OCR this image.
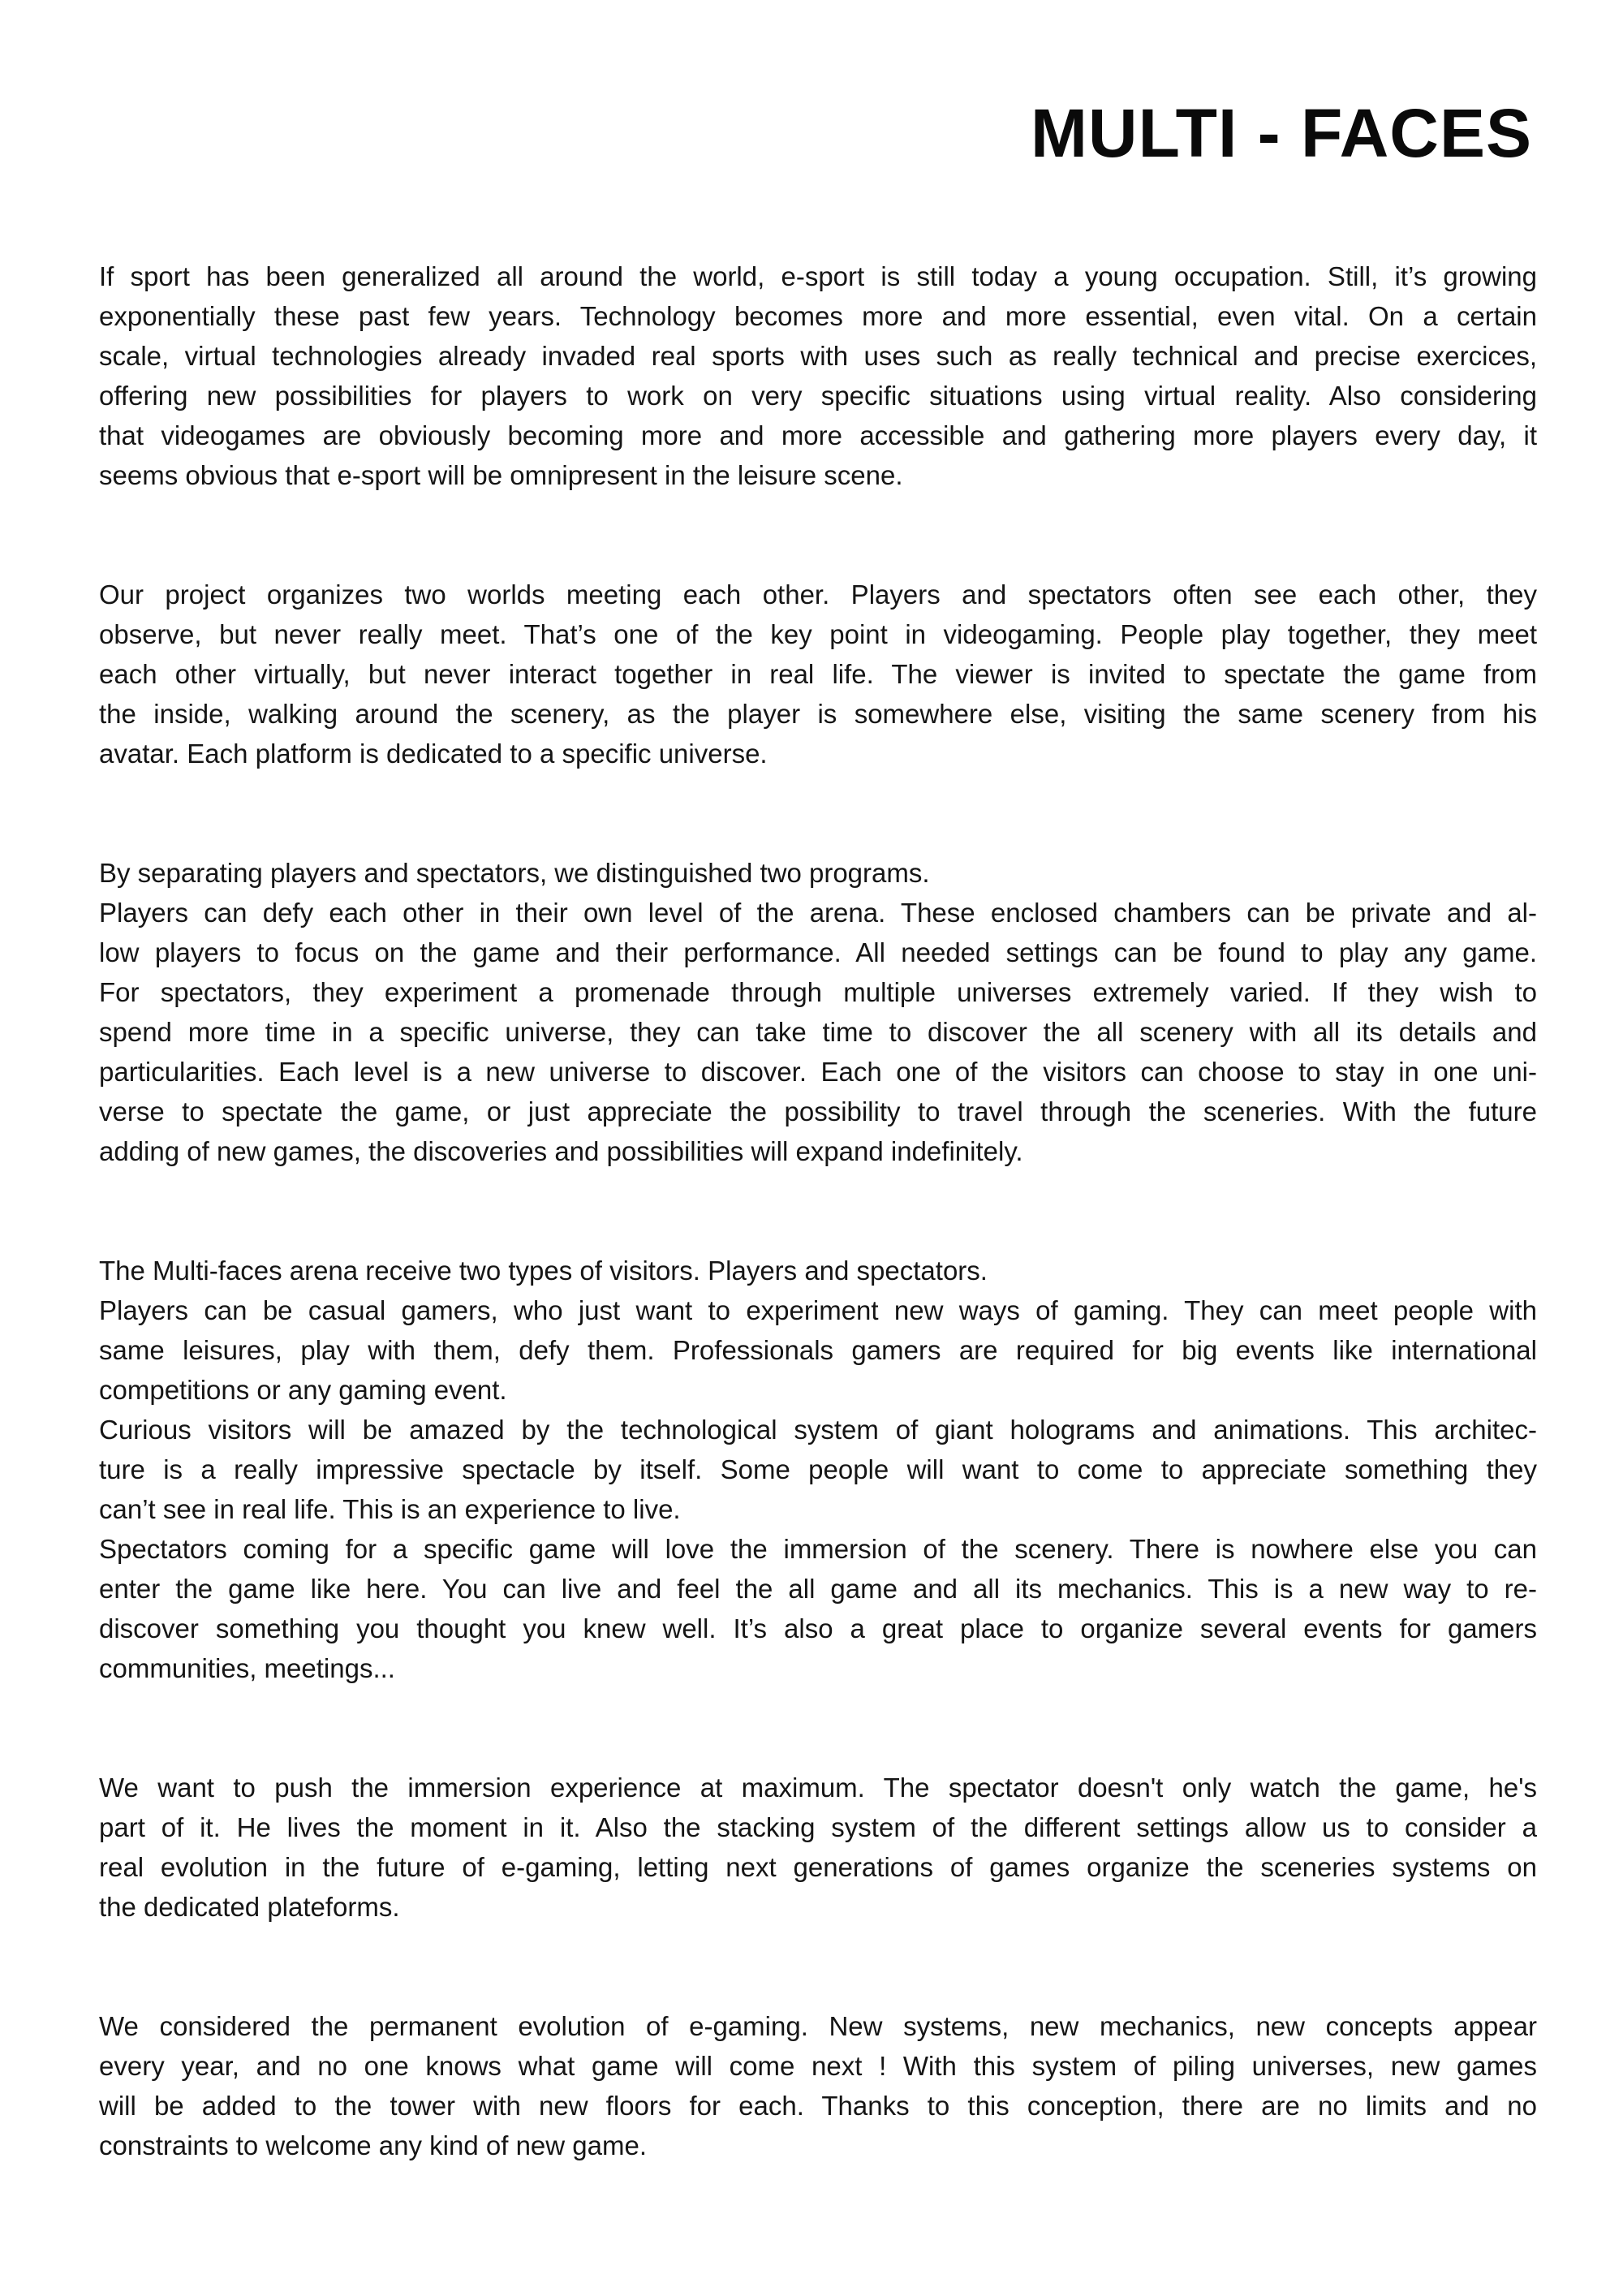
MULTI - FACES
If sport has been generalized all around the world, e-sport is still today a young occupation. Still, it’s growing
exponentially these past few years. Technology becomes more and more essential, even vital. On a certain
scale, virtual technologies already invaded real sports with uses such as really technical and precise exercices,
offering new possibilities for players to work on very specific situations using virtual reality. Also considering
that videogames are obviously becoming more and more accessible and gathering more players every day, it
seems obvious that e-sport will be omnipresent in the leisure scene.
Our project organizes two worlds meeting each other. Players and spectators often see each other, they
observe, but never really meet. That’s one of the key point in videogaming. People play together, they meet
each other virtually, but never interact together in real life. The viewer is invited to spectate the game from
the inside, walking around the scenery, as the player is somewhere else, visiting the same scenery from his
avatar. Each platform is dedicated to a specific universe.
By separating players and spectators, we distinguished two programs.
Players can defy each other in their own level of the arena. These enclosed chambers can be private and al-
low players to focus on the game and their performance. All needed settings can be found to play any game.
For spectators, they experiment a promenade through multiple universes extremely varied. If they wish to
spend more time in a specific universe, they can take time to discover the all scenery with all its details and
particularities. Each level is a new universe to discover. Each one of the visitors can choose to stay in one uni-
verse to spectate the game, or just appreciate the possibility to travel through the sceneries. With the future
adding of new games, the discoveries and possibilities will expand indefinitely.
The Multi-faces arena receive two types of visitors. Players and spectators.
Players can be casual gamers, who just want to experiment new ways of gaming. They can meet people with
same leisures, play with them, defy them. Professionals gamers are required for big events like international
competitions or any gaming event.
Curious visitors will be amazed by the technological system of giant holograms and animations. This architec-
ture is a really impressive spectacle by itself. Some people will want to come to appreciate something they
can’t see in real life. This is an experience to live.
Spectators coming for a specific game will love the immersion of the scenery. There is nowhere else you can
enter the game like here. You can live and feel the all game and all its mechanics. This is a new way to re-
discover something you thought you knew well. It’s also a great place to organize several events for gamers
communities, meetings...
We want to push the immersion experience at maximum. The spectator doesn't only watch the game, he's
part of it. He lives the moment in it. Also the stacking system of the different settings allow us to consider a
real evolution in the future of e-gaming, letting next generations of games organize the sceneries systems on
the dedicated plateforms.
We considered the permanent evolution of e-gaming. New systems, new mechanics, new concepts appear
every year, and no one knows what game will come next ! With this system of piling universes, new games
will be added to the tower with new floors for each. Thanks to this conception, there are no limits and no
constraints to welcome any kind of new game.
